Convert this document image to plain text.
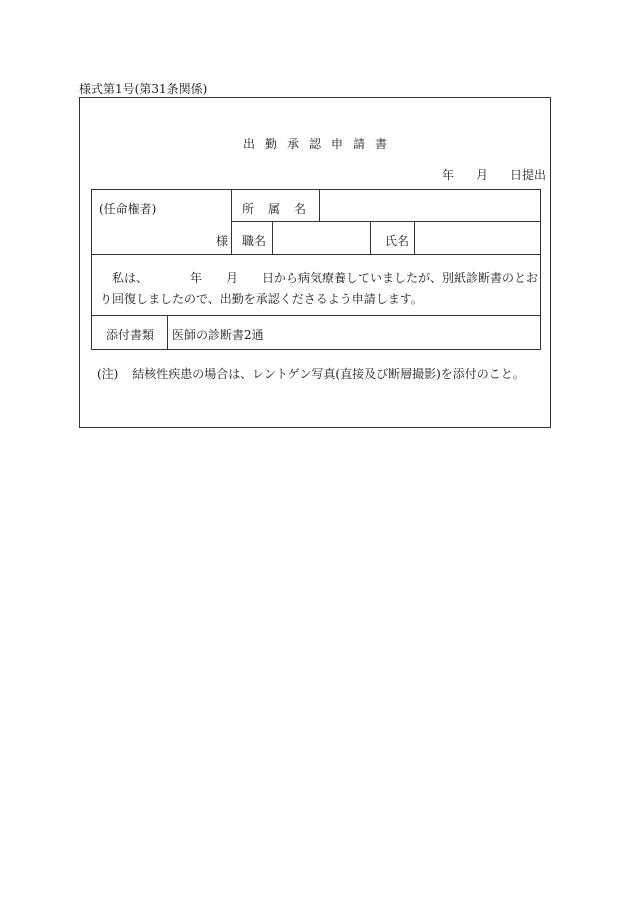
様式第1号(第31条関係)
出勤承認申請書
年 月 日提出
(任命権者)
様
所属名
職名	氏名
私は、　　　　年　　月　　日から病気療養していましたが、別紙診断書のとおり回復しましたので、出勤を承認くださるよう申請します。
添付書類 医師の診断書2通
(注) 結核性疾患の場合は、レントゲン写真(直接及び断層撮影)を添付のこと。
